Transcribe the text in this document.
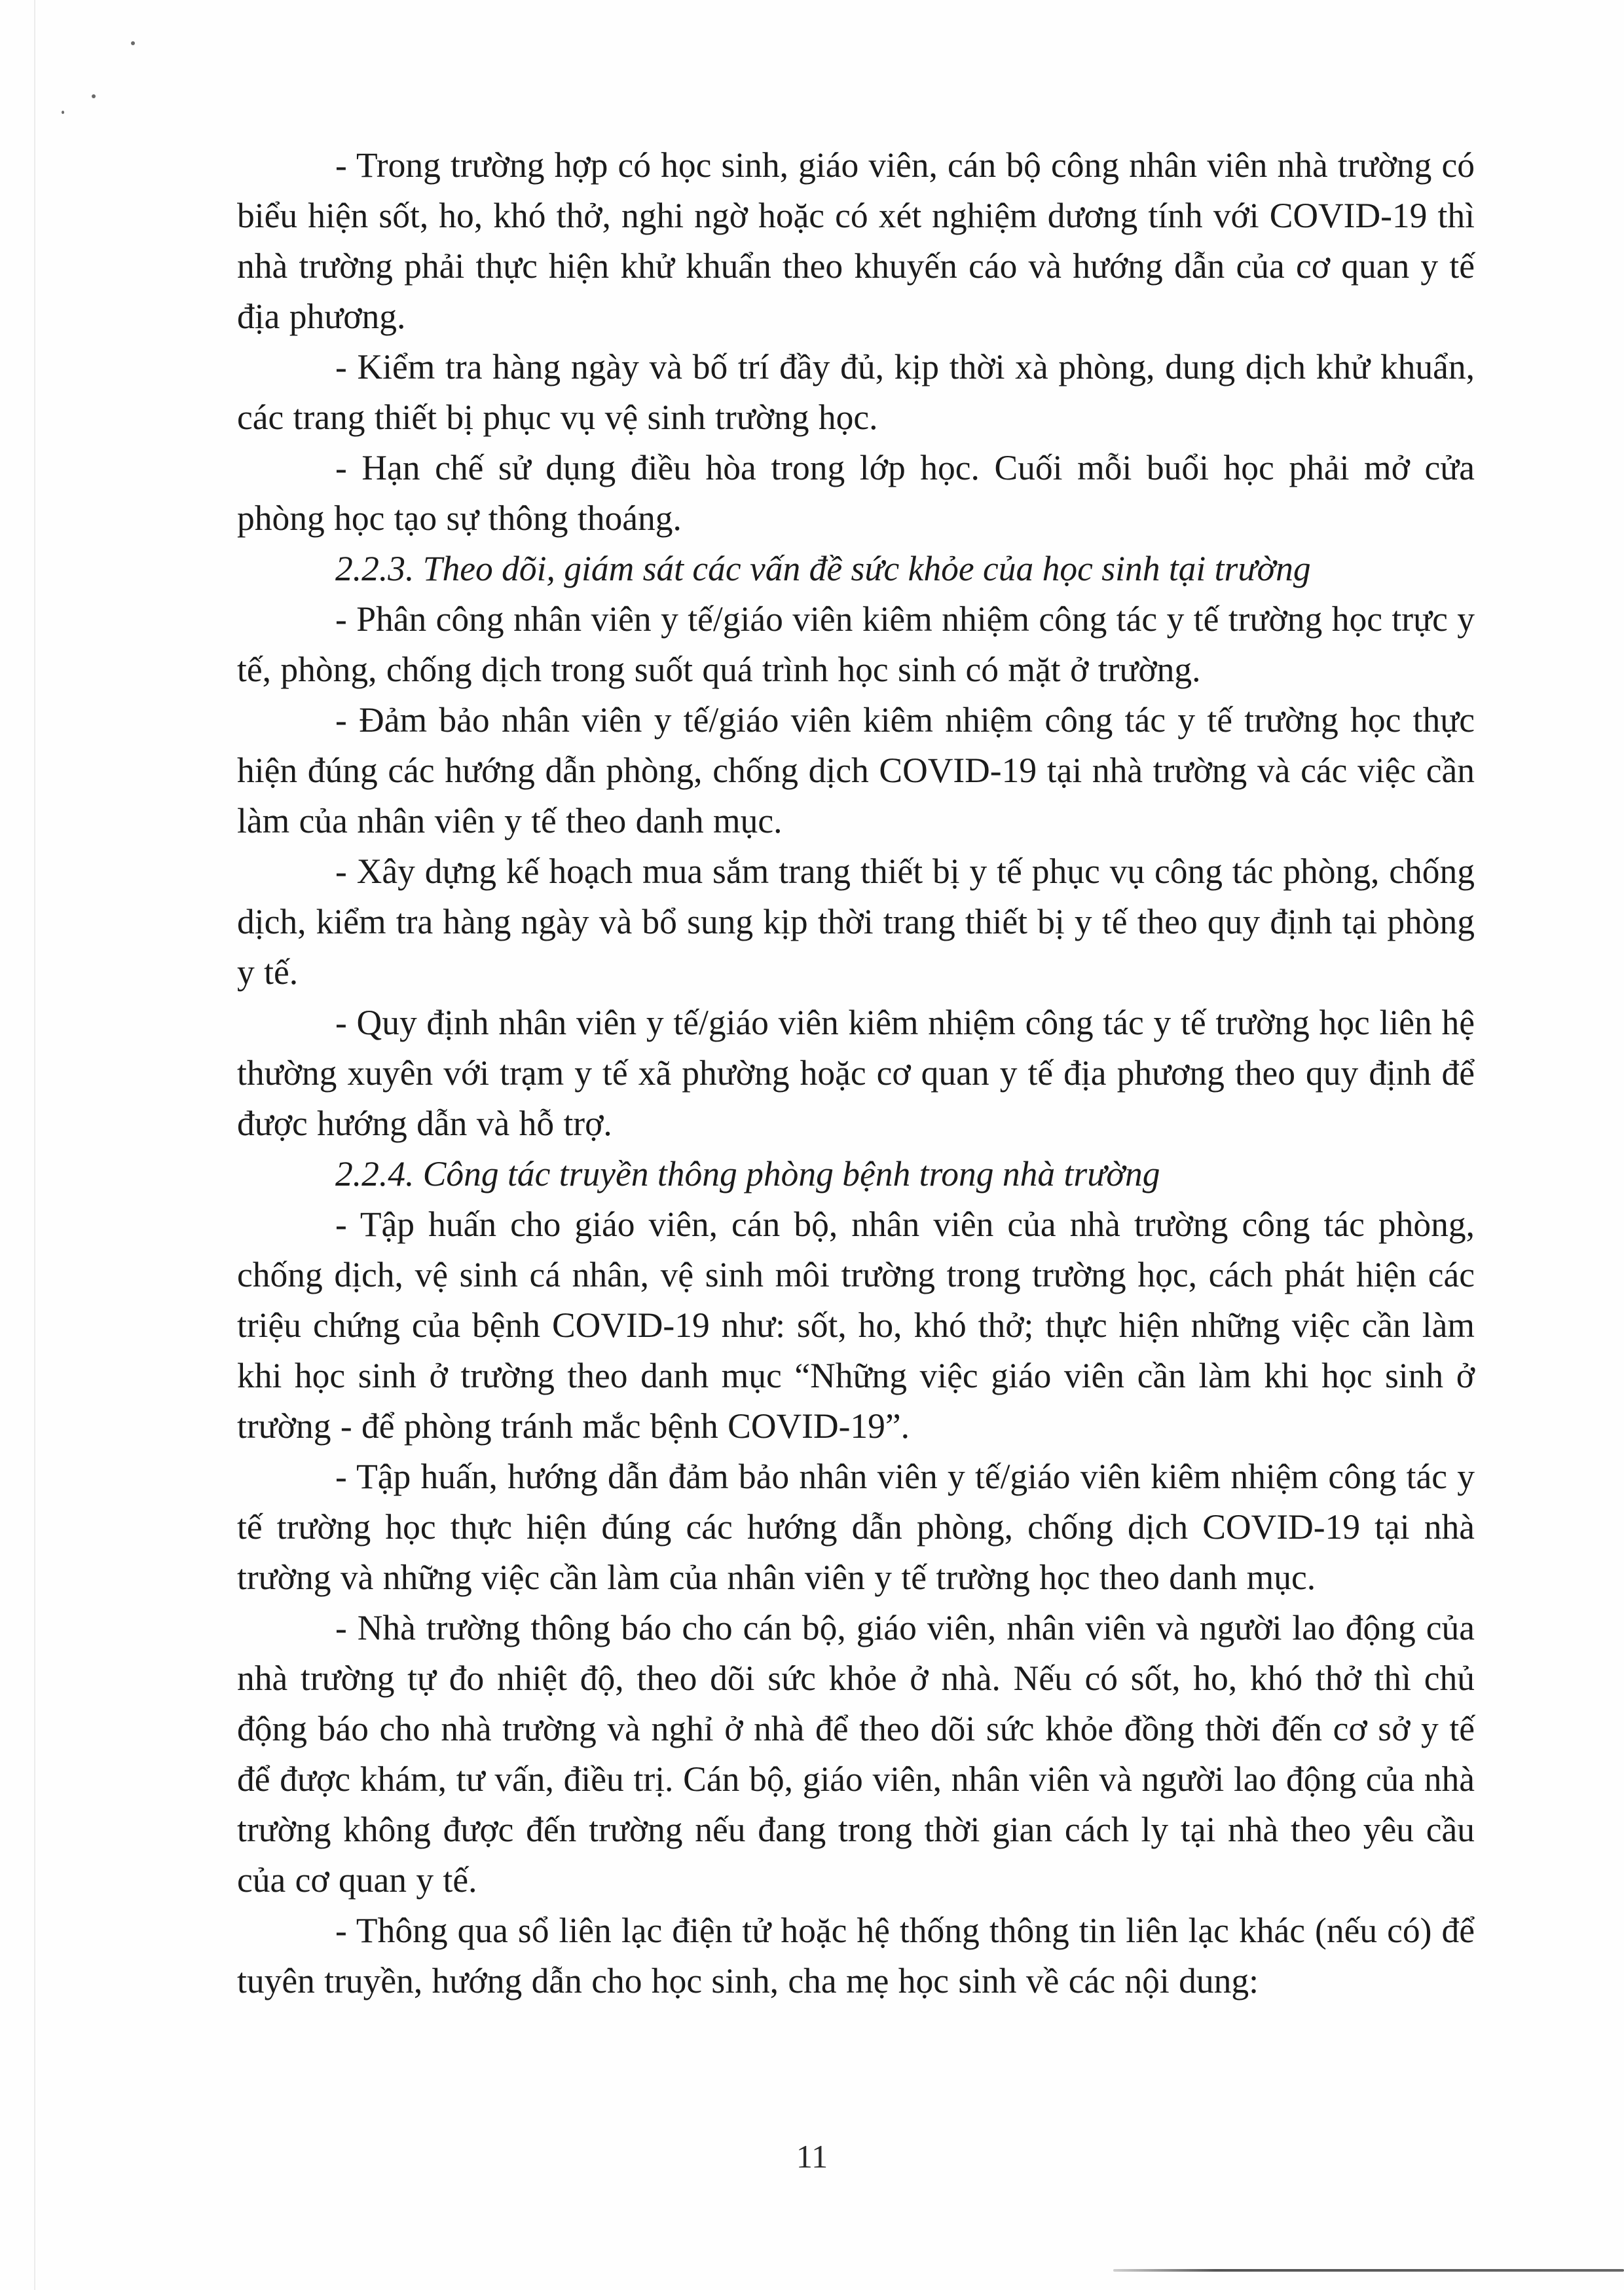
- Trong trường hợp có học sinh, giáo viên, cán bộ công nhân viên nhà trường có biểu hiện sốt, ho, khó thở, nghi ngờ hoặc có xét nghiệm dương tính với COVID-19 thì nhà trường phải thực hiện khử khuẩn theo khuyến cáo và hướng dẫn của cơ quan y tế địa phương.

- Kiểm tra hàng ngày và bố trí đầy đủ, kịp thời xà phòng, dung dịch khử khuẩn, các trang thiết bị phục vụ vệ sinh trường học.

- Hạn chế sử dụng điều hòa trong lớp học. Cuối mỗi buổi học phải mở cửa phòng học tạo sự thông thoáng.

2.2.3. Theo dõi, giám sát các vấn đề sức khỏe của học sinh tại trường

- Phân công nhân viên y tế/giáo viên kiêm nhiệm công tác y tế trường học trực y tế, phòng, chống dịch trong suốt quá trình học sinh có mặt ở trường.

- Đảm bảo nhân viên y tế/giáo viên kiêm nhiệm công tác y tế trường học thực hiện đúng các hướng dẫn phòng, chống dịch COVID-19 tại nhà trường và các việc cần làm của nhân viên y tế theo danh mục.

- Xây dựng kế hoạch mua sắm trang thiết bị y tế phục vụ công tác phòng, chống dịch, kiểm tra hàng ngày và bổ sung kịp thời trang thiết bị y tế theo quy định tại phòng y tế.

- Quy định nhân viên y tế/giáo viên kiêm nhiệm công tác y tế trường học liên hệ thường xuyên với trạm y tế xã phường hoặc cơ quan y tế địa phương theo quy định để được hướng dẫn và hỗ trợ.

2.2.4. Công tác truyền thông phòng bệnh trong nhà trường

- Tập huấn cho giáo viên, cán bộ, nhân viên của nhà trường công tác phòng, chống dịch, vệ sinh cá nhân, vệ sinh môi trường trong trường học, cách phát hiện các triệu chứng của bệnh COVID-19 như: sốt, ho, khó thở; thực hiện những việc cần làm khi học sinh ở trường theo danh mục “Những việc giáo viên cần làm khi học sinh ở trường - để phòng tránh mắc bệnh COVID-19”.

- Tập huấn, hướng dẫn đảm bảo nhân viên y tế/giáo viên kiêm nhiệm công tác y tế trường học thực hiện đúng các hướng dẫn phòng, chống dịch COVID-19 tại nhà trường và những việc cần làm của nhân viên y tế trường học theo danh mục.

- Nhà trường thông báo cho cán bộ, giáo viên, nhân viên và người lao động của nhà trường tự đo nhiệt độ, theo dõi sức khỏe ở nhà. Nếu có sốt, ho, khó thở thì chủ động báo cho nhà trường và nghỉ ở nhà để theo dõi sức khỏe đồng thời đến cơ sở y tế để được khám, tư vấn, điều trị. Cán bộ, giáo viên, nhân viên và người lao động của nhà trường không được đến trường nếu đang trong thời gian cách ly tại nhà theo yêu cầu của cơ quan y tế.

- Thông qua sổ liên lạc điện tử hoặc hệ thống thông tin liên lạc khác (nếu có) để tuyên truyền, hướng dẫn cho học sinh, cha mẹ học sinh về các nội dung:

11
